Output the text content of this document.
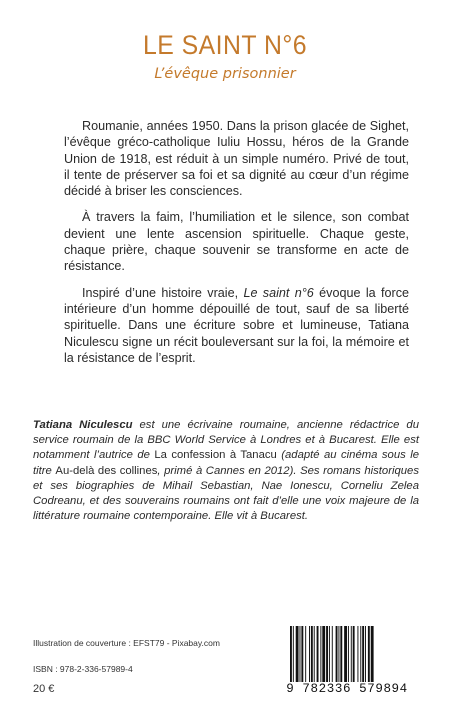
LE SAINT N°6
L’évêque prisonnier

Roumanie, années 1950. Dans la prison glacée de Sighet, l’évêque gréco-catholique Iuliu Hossu, héros de la Grande Union de 1918, est réduit à un simple numéro. Privé de tout, il tente de préserver sa foi et sa dignité au cœur d’un régime décidé à briser les consciences.

À travers la faim, l’humiliation et le silence, son combat devient une lente ascension spirituelle. Chaque geste, chaque prière, chaque souvenir se transforme en acte de résistance.

Inspiré d’une histoire vraie, Le saint n°6 évoque la force intérieure d’un homme dépouillé de tout, sauf de sa liberté spirituelle. Dans une écriture sobre et lumineuse, Tatiana Niculescu signe un récit bouleversant sur la foi, la mémoire et la résistance de l’esprit.

Tatiana Niculescu est une écrivaine roumaine, ancienne rédactrice du service roumain de la BBC World Service à Londres et à Bucarest. Elle est notamment l’autrice de La confession à Tanacu (adapté au cinéma sous le titre Au-delà des collines, primé à Cannes en 2012). Ses romans historiques et ses biographies de Mihail Sebastian, Nae Ionescu, Corneliu Zelea Codreanu, et des souverains roumains ont fait d’elle une voix majeure de la littérature roumaine contemporaine. Elle vit à Bucarest.
Illustration de couverture : EFST79 - Pixabay.com
ISBN : 978-2-336-57989-4
20 €	9 782336 579894
